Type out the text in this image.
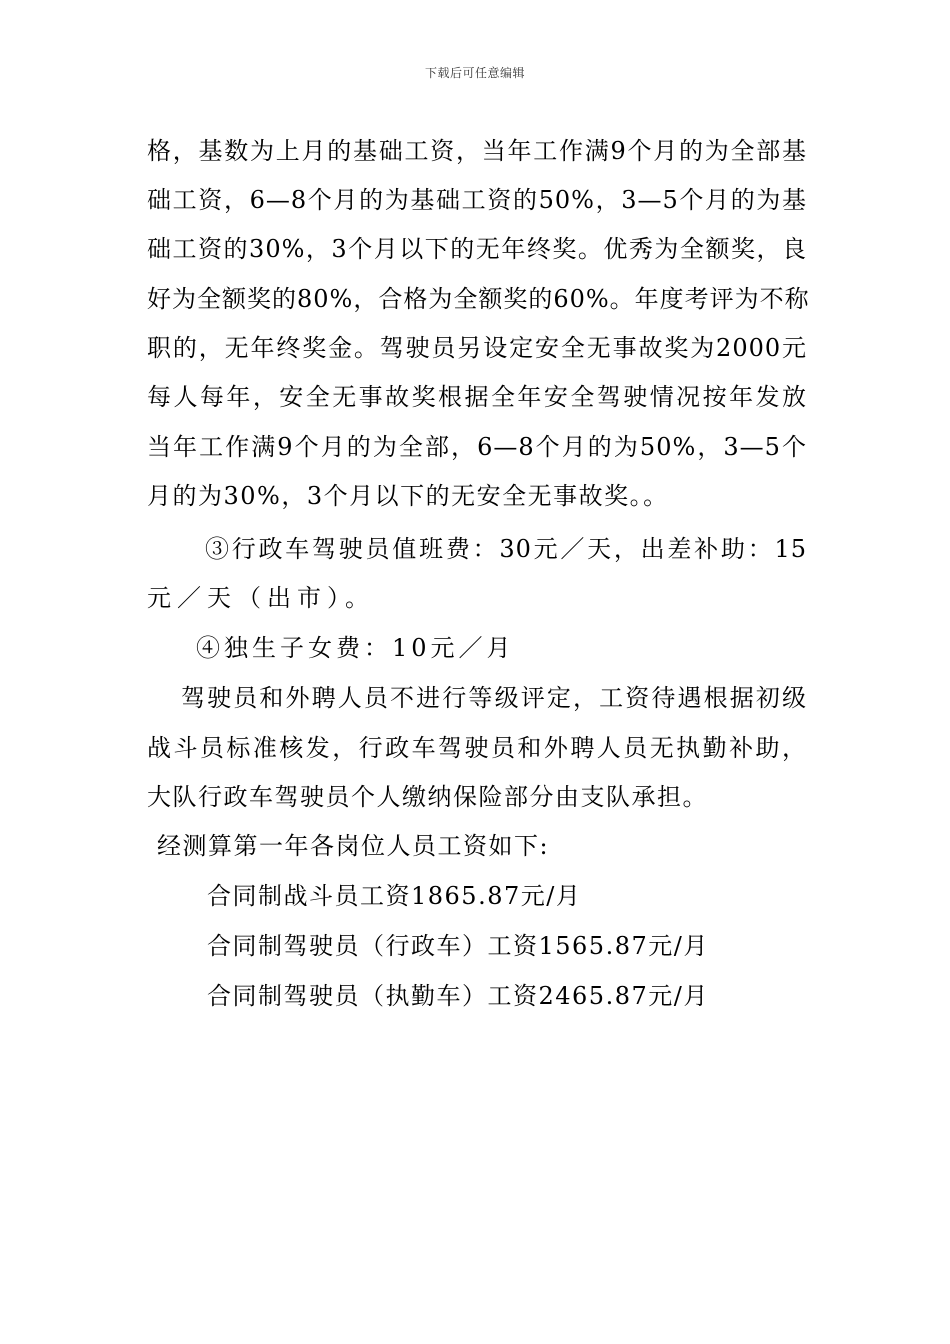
下载后可任意编辑
格，基数为上月的基础工资，当年工作满9个月的为全部基
础工资，6—8个月的为基础工资的50%，3—5个月的为基
础工资的30%，3个月以下的无年终奖。优秀为全额奖，良
好为全额奖的80%，合格为全额奖的60%。年度考评为不称
职的，无年终奖金。驾驶员另设定安全无事故奖为2000元
每人每年，安全无事故奖根据全年安全驾驶情况按年发放
当年工作满9个月的为全部，6—8个月的为50%，3—5个
月的为30%，3个月以下的无安全无事故奖。。
③行政车驾驶员值班费：30元／天，出差补助：15
元／天（出市）。
④独生子女费：10元／月
驾驶员和外聘人员不进行等级评定，工资待遇根据初级
战斗员标准核发，行政车驾驶员和外聘人员无执勤补助，
大队行政车驾驶员个人缴纳保险部分由支队承担。
经测算第一年各岗位人员工资如下:
合同制战斗员工资1865.87元/月
合同制驾驶员（行政车）工资1565.87元/月
合同制驾驶员（执勤车）工资2465.87元/月
